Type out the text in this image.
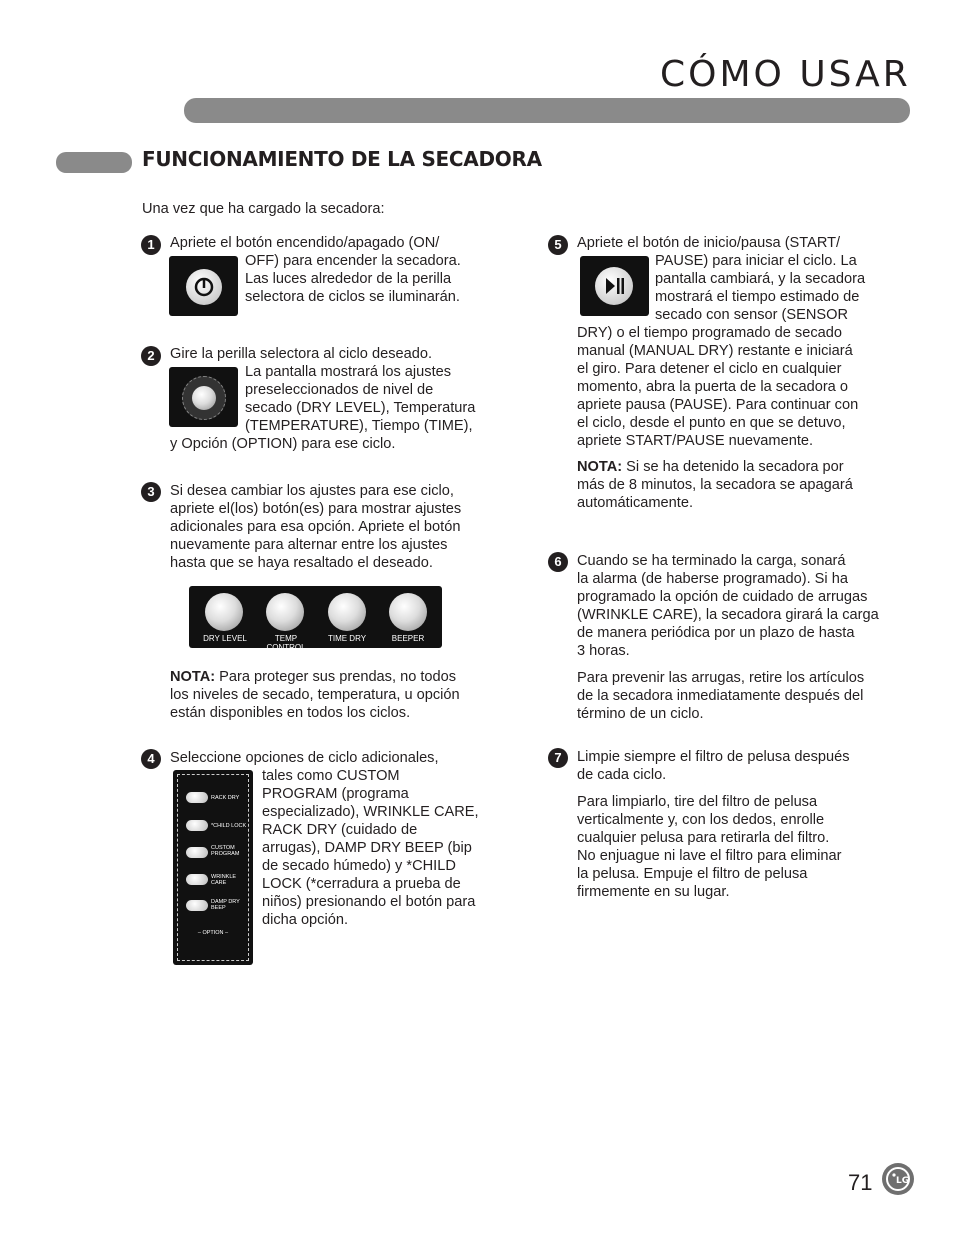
CÓMO USAR
FUNCIONAMIENTO DE LA SECADORA
Una vez que ha cargado la secadora:
1	Apriete el botón encendido/apagado (ON/
OFF) para encender la secadora.
Las luces alrededor de la perilla
selectora de ciclos se iluminarán.
2	Gire la perilla selectora al ciclo deseado.
La pantalla mostrará los ajustes
preseleccionados de nivel de
secado (DRY LEVEL), Temperatura
(TEMPERATURE), Tiempo (TIME),
y Opción (OPTION) para ese ciclo.
3	Si desea cambiar los ajustes para ese ciclo,
apriete el(los) botón(es) para mostrar ajustes
adicionales para esa opción. Apriete el botón
nuevamente para alternar entre los ajustes
hasta que se haya resaltado el deseado.
DRY LEVEL	TEMP CONTROL
TIME DRY	BEEPER
NOTA: Para proteger sus prendas, no todos
los niveles de secado, temperatura, u opción
están disponibles en todos los ciclos.
4	Seleccione opciones de ciclo adicionales,
tales como CUSTOM
PROGRAM (programa
especializado), WRINKLE CARE,
RACK DRY (cuidado de
arrugas), DAMP DRY BEEP (bip
de secado húmedo) y *CHILD
LOCK (*cerradura a prueba de
niños) presionando el botón para
dicha opción.
RACK DRY
*CHILD LOCK
CUSTOM PROGRAM
WRINKLE CARE
DAMP DRY BEEP
– OPTION –
5	Apriete el botón de inicio/pausa (START/
PAUSE) para iniciar el ciclo. La
pantalla cambiará, y la secadora
mostrará el tiempo estimado de
secado con sensor (SENSOR
DRY) o el tiempo programado de secado
manual (MANUAL DRY) restante e iniciará
el giro. Para detener el ciclo en cualquier
momento, abra la puerta de la secadora o
apriete pausa (PAUSE). Para continuar con
el ciclo, desde el punto en que se detuvo,
apriete START/PAUSE nuevamente.
NOTA: Si se ha detenido la secadora por
más de 8 minutos, la secadora se apagará
automáticamente.
6	Cuando se ha terminado la carga, sonará
la alarma (de haberse programado). Si ha
programado la opción de cuidado de arrugas
(WRINKLE CARE), la secadora girará la carga
de manera periódica por un plazo de hasta
3 horas.
Para prevenir las arrugas, retire los artículos
de la secadora inmediatamente después del
término de un ciclo.
7	Limpie siempre el filtro de pelusa después
de cada ciclo.
Para limpiarlo, tire del filtro de pelusa
verticalmente y, con los dedos, enrolle
cualquier pelusa para retirarla del filtro.
No enjuague ni lave el filtro para eliminar
la pelusa. Empuje el filtro de pelusa
firmemente en su lugar.
71	LG
